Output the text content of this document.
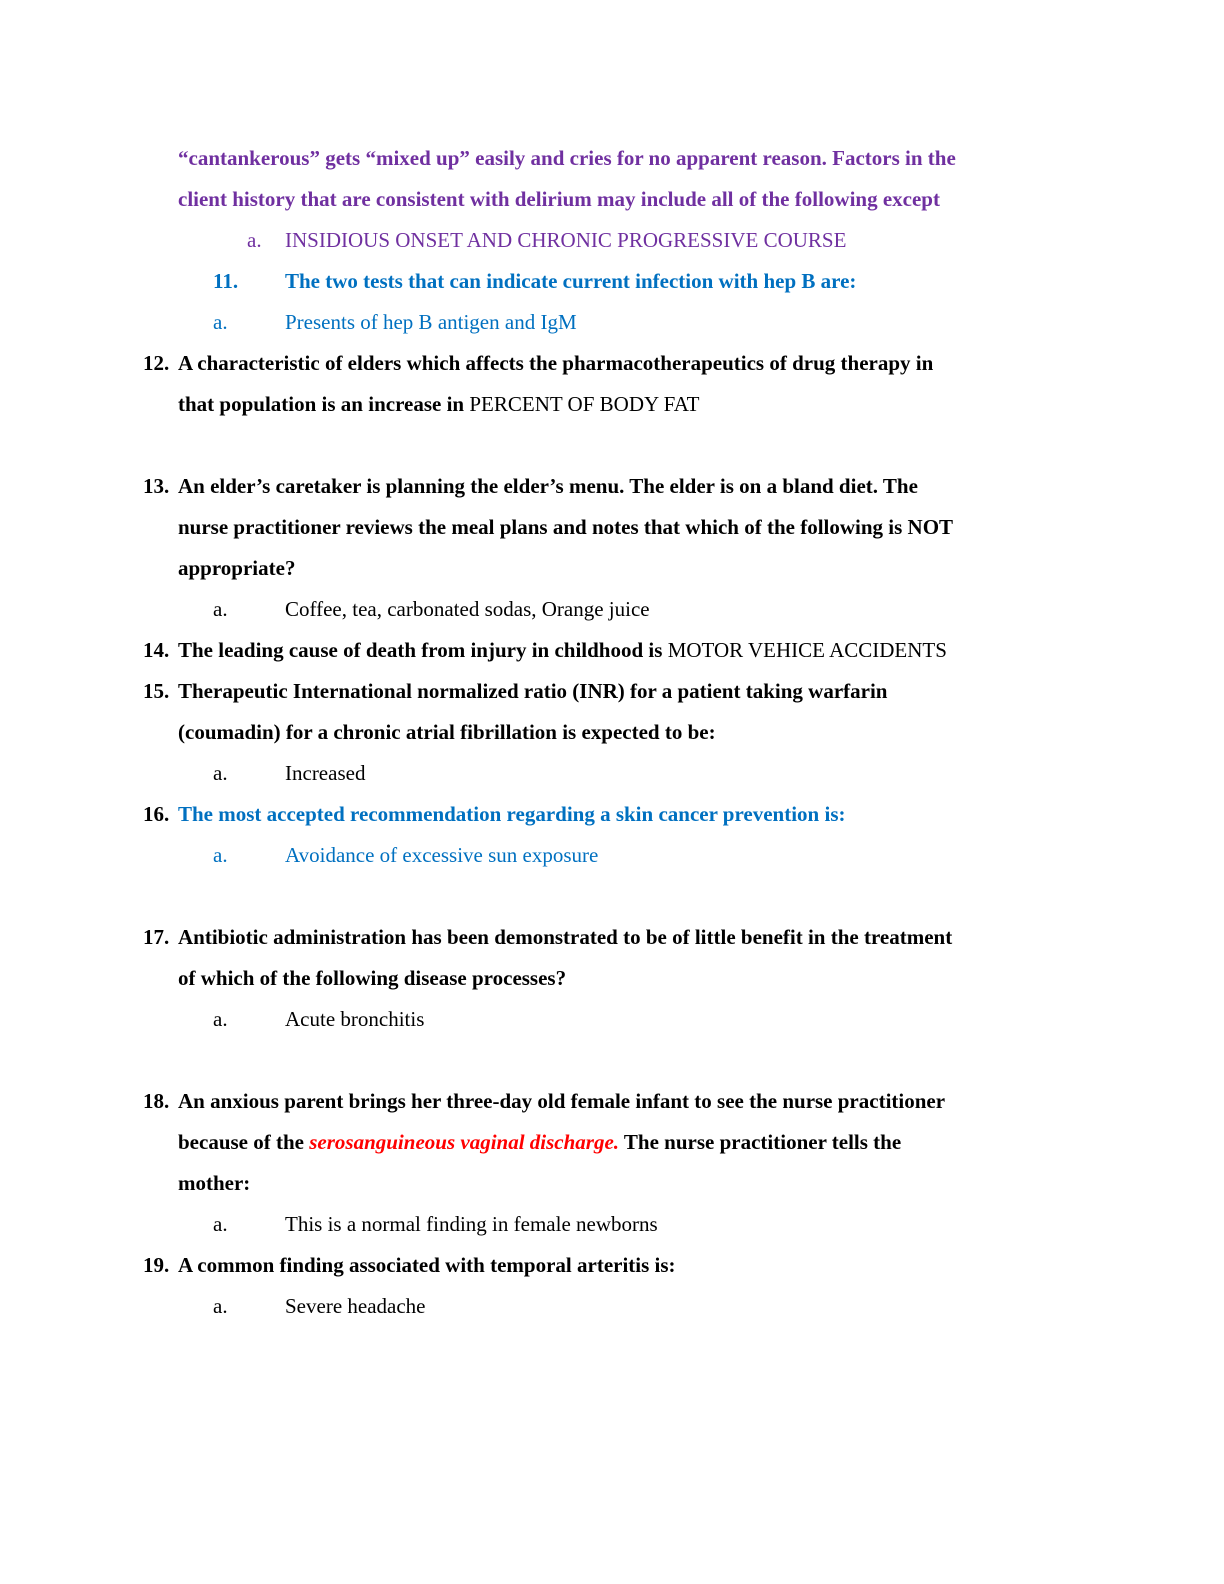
“cantankerous” gets “mixed up” easily and cries for no apparent reason. Factors in the
client history that are consistent with delirium may include all of the following except
a. INSIDIOUS ONSET AND CHRONIC PROGRESSIVE COURSE
11. The two tests that can indicate current infection with hep B are:
a.	Presents of hep B antigen and IgM
12. A characteristic of elders which affects the pharmacotherapeutics of drug therapy in
that population is an increase in PERCENT OF BODY FAT
13. An elder’s caretaker is planning the elder’s menu. The elder is on a bland diet. The
nurse practitioner reviews the meal plans and notes that which of the following is NOT
appropriate?
a.	Coffee, tea, carbonated sodas, Orange juice
14. The leading cause of death from injury in childhood is MOTOR VEHICE ACCIDENTS
15. Therapeutic International normalized ratio (INR) for a patient taking warfarin
(coumadin) for a chronic atrial fibrillation is expected to be:
a.	Increased
16. The most accepted recommendation regarding a skin cancer prevention is:
a.	Avoidance of excessive sun exposure
17. Antibiotic administration has been demonstrated to be of little benefit in the treatment
of which of the following disease processes?
a.	Acute bronchitis
18. An anxious parent brings her three-day old female infant to see the nurse practitioner
because of the serosanguineous vaginal discharge. The nurse practitioner tells the
mother:
a.	This is a normal finding in female newborns
19. A common finding associated with temporal arteritis is:
a.	Severe headache
